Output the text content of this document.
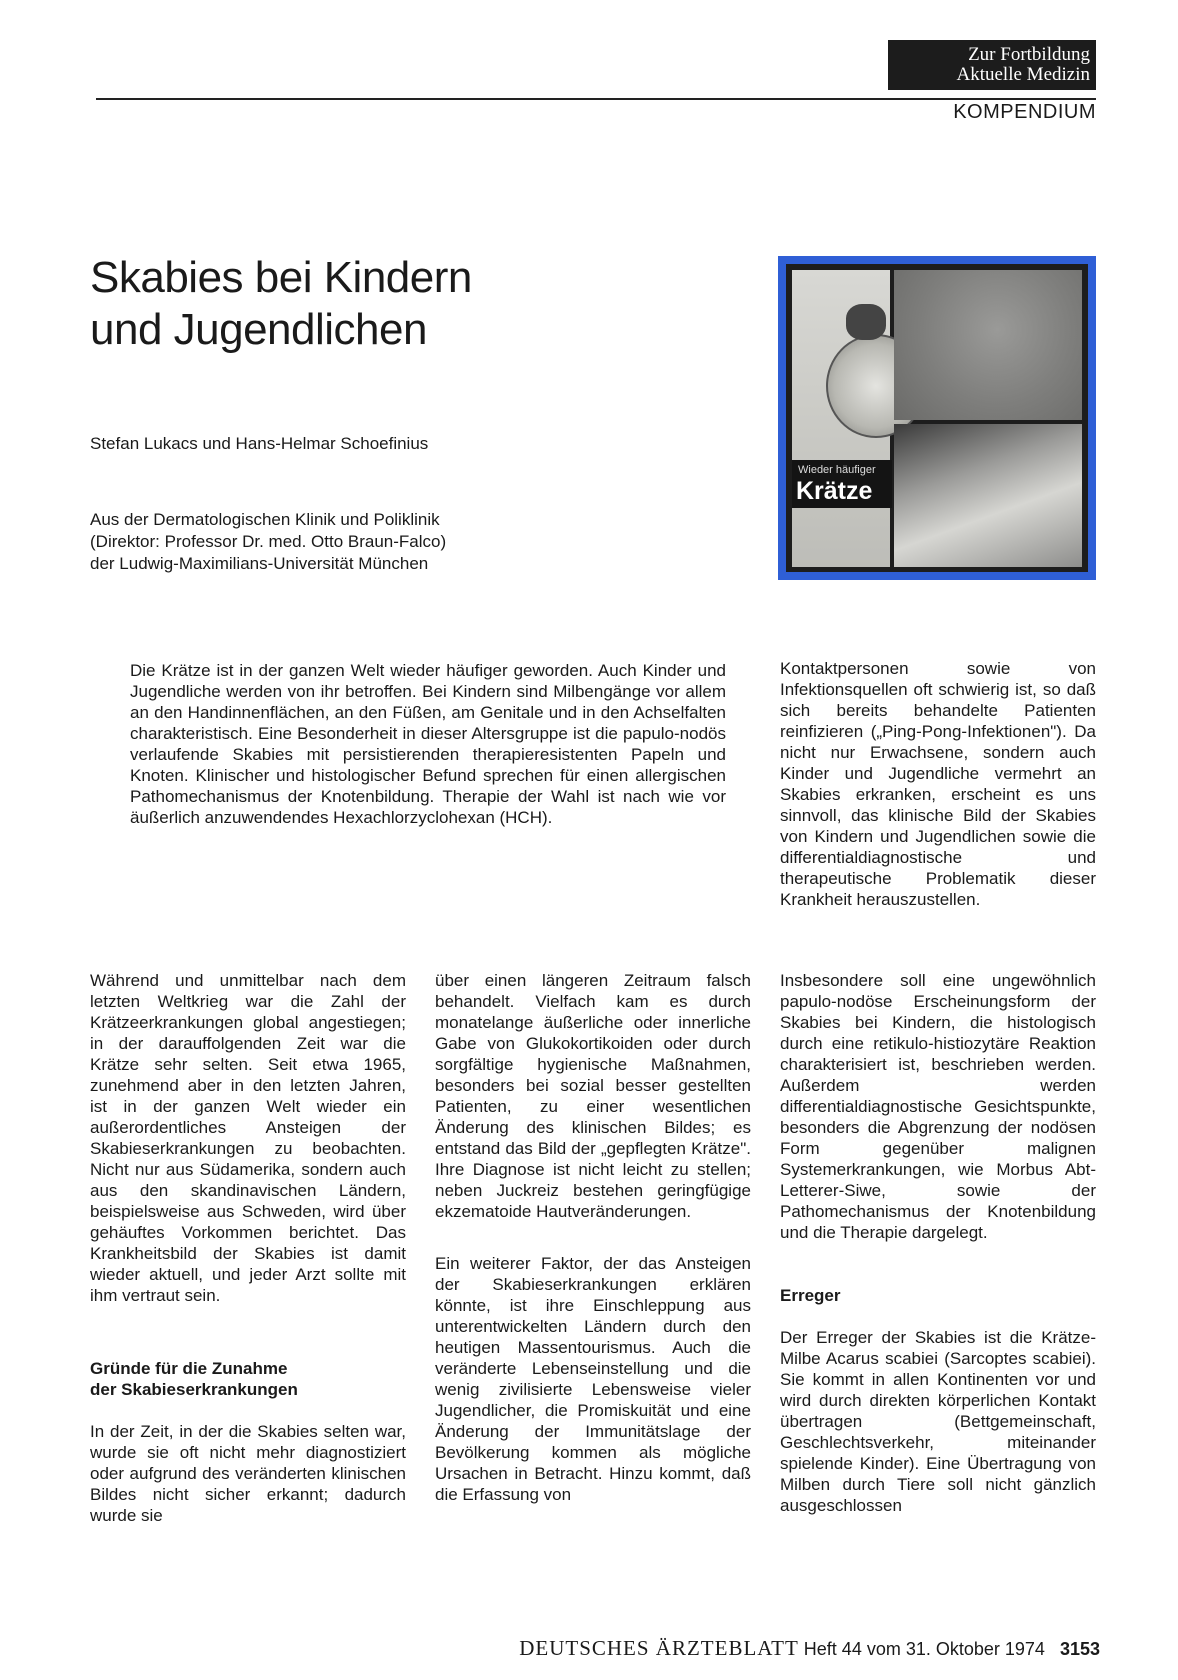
Zur Fortbildung
Aktuelle Medizin
KOMPENDIUM
Skabies bei Kindern
und Jugendlichen
Stefan Lukacs und Hans-Helmar Schoefinius
Aus der Dermatologischen Klinik und Poliklinik
(Direktor: Professor Dr. med. Otto Braun-Falco)
der Ludwig-Maximilians-Universität München
Wieder häufiger
Krätze
Die Krätze ist in der ganzen Welt wieder häufiger geworden. Auch Kinder und Jugendliche werden von ihr betroffen. Bei Kindern sind Milbengänge vor allem an den Handinnenflächen, an den Füßen, am Genitale und in den Achselfalten charakteristisch. Eine Besonderheit in dieser Altersgruppe ist die papulo-nodös verlaufende Skabies mit persistierenden therapieresistenten Papeln und Knoten. Klinischer und histologischer Befund sprechen für einen allergischen Pathomechanismus der Knotenbildung. Therapie der Wahl ist nach wie vor äußerlich anzuwendendes Hexachlorzyclohexan (HCH).

Kontaktpersonen sowie von Infektionsquellen oft schwierig ist, so daß sich bereits behandelte Patienten reinfizieren („Ping-Pong-Infektionen"). Da nicht nur Erwachsene, sondern auch Kinder und Jugendliche vermehrt an Skabies erkranken, erscheint es uns sinnvoll, das klinische Bild der Skabies von Kindern und Jugendlichen sowie die differentialdiagnostische und therapeutische Problematik dieser Krankheit herauszustellen.

Während und unmittelbar nach dem letzten Weltkrieg war die Zahl der Krätzeerkrankungen global angestiegen; in der darauffolgenden Zeit war die Krätze sehr selten. Seit etwa 1965, zunehmend aber in den letzten Jahren, ist in der ganzen Welt wieder ein außerordentliches Ansteigen der Skabieserkrankungen zu beobachten. Nicht nur aus Südamerika, sondern auch aus den skandinavischen Ländern, beispielsweise aus Schweden, wird über gehäuftes Vorkommen berichtet. Das Krankheitsbild der Skabies ist damit wieder aktuell, und jeder Arzt sollte mit ihm vertraut sein.

Gründe für die Zunahme
der Skabieserkrankungen

In der Zeit, in der die Skabies selten war, wurde sie oft nicht mehr diagnostiziert oder aufgrund des veränderten klinischen Bildes nicht sicher erkannt; dadurch wurde sie

über einen längeren Zeitraum falsch behandelt. Vielfach kam es durch monatelange äußerliche oder innerliche Gabe von Glukokortikoiden oder durch sorgfältige hygienische Maßnahmen, besonders bei sozial besser gestellten Patienten, zu einer wesentlichen Änderung des klinischen Bildes; es entstand das Bild der „gepflegten Krätze". Ihre Diagnose ist nicht leicht zu stellen; neben Juckreiz bestehen geringfügige ekzematoide Hautveränderungen.

Ein weiterer Faktor, der das Ansteigen der Skabieserkrankungen erklären könnte, ist ihre Einschleppung aus unterentwickelten Ländern durch den heutigen Massentourismus. Auch die veränderte Lebenseinstellung und die wenig zivilisierte Lebensweise vieler Jugendlicher, die Promiskuität und eine Änderung der Immunitätslage der Bevölkerung kommen als mögliche Ursachen in Betracht. Hinzu kommt, daß die Erfassung von

Insbesondere soll eine ungewöhnlich papulo-nodöse Erscheinungsform der Skabies bei Kindern, die histologisch durch eine retikulo-histiozytäre Reaktion charakterisiert ist, beschrieben werden. Außerdem werden differentialdiagnostische Gesichtspunkte, besonders die Abgrenzung der nodösen Form gegenüber malignen Systemerkrankungen, wie Morbus Abt-Letterer-Siwe, sowie der Pathomechanismus der Knotenbildung und die Therapie dargelegt.

Erreger

Der Erreger der Skabies ist die Krätze-Milbe Acarus scabiei (Sarcoptes scabiei). Sie kommt in allen Kontinenten vor und wird durch direkten körperlichen Kontakt übertragen (Bettgemeinschaft, Geschlechtsverkehr, miteinander spielende Kinder). Eine Übertragung von Milben durch Tiere soll nicht gänzlich ausgeschlossen

DEUTSCHES ÄRZTEBLATT Heft 44 vom 31. Oktober 1974 3153
